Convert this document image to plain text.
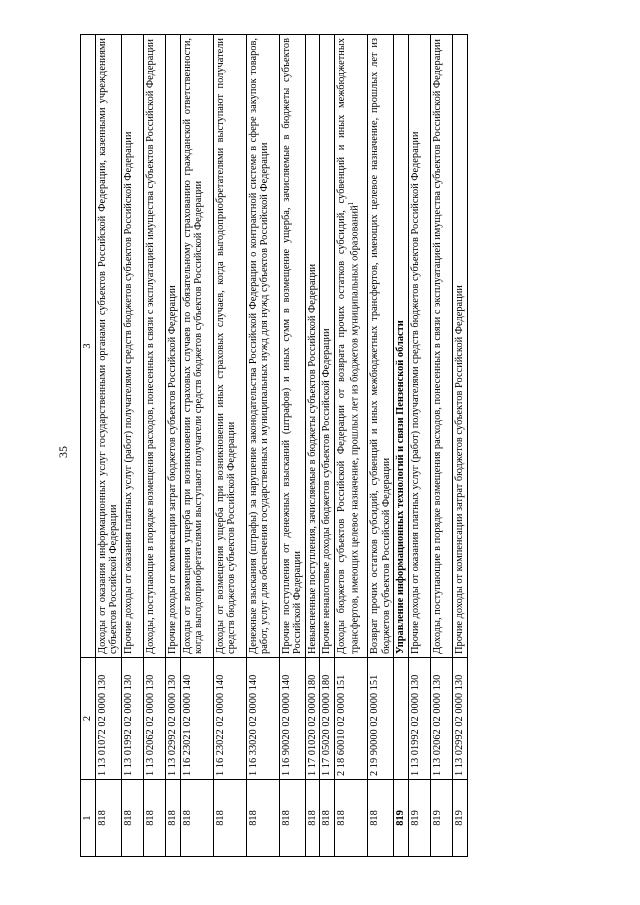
35
1	2	3
818	1 13 01072 02 0000 130	Доходы от оказания информационных услуг государственными органами субъектов Российской Федерации, казенными учреждениями субъектов Российской Федерации
818	1 13 01992 02 0000 130	Прочие доходы от оказания платных услуг (работ) получателями средств бюджетов субъектов Российской Федерации
818	1 13 02062 02 0000 130	Доходы, поступающие в порядке возмещения расходов, понесенных в связи с эксплуатацией имущества субъектов Российской Федерации
818	1 13 02992 02 0000 130	Прочие доходы от компенсации затрат бюджетов субъектов Российской Федерации
818	1 16 23021 02 0000 140	Доходы от возмещения ущерба при возникновении страховых случаев по обязательному страхованию гражданской ответственности, когда выгодоприобретателями выступают получатели средств бюджетов субъектов Российской Федерации
818	1 16 23022 02 0000 140	Доходы от возмещения ущерба при возникновении иных страховых случаев, когда выгодоприобретателями выступают получатели средств бюджетов субъектов Российской Федерации
818	1 16 33020 02 0000 140	Денежные взыскания (штрафы) за нарушение законодательства Российской Федерации о контрактной системе в сфере закупок товаров, работ, услуг для обеспечения государственных и муниципальных нужд для нужд субъектов Российской Федерации
818	1 16 90020 02 0000 140	Прочие поступления от денежных взысканий (штрафов) и иных сумм в возмещение ущерба, зачисляемые в бюджеты субъектов Российской Федерации
818	1 17 01020 02 0000 180	Невыясненные поступления, зачисляемые в бюджеты субъектов Российской Федерации
818	1 17 05020 02 0000 180	Прочие неналоговые доходы бюджетов субъектов Российской Федерации
818	2 18 60010 02 0000 151	Доходы бюджетов субъектов Российской Федерации от возврата прочих остатков субсидий, субвенций и иных межбюджетных трансфертов, имеющих целевое назначение, прошлых лет из бюджетов муниципальных образований$^1$
818	2 19 90000 02 0000 151	Возврат прочих остатков субсидий, субвенций и иных межбюджетных трансфертов, имеющих целевое назначение, прошлых лет из бюджетов субъектов Российской Федерации
819		Управление информационных технологий и связи Пензенской области
819	1 13 01992 02 0000 130	Прочие доходы от оказания платных услуг (работ) получателями средств бюджетов субъектов Российской Федерации
819	1 13 02062 02 0000 130	Доходы, поступающие в порядке возмещения расходов, понесенных в связи с эксплуатацией имущества субъектов Российской Федерации
819	1 13 02992 02 0000 130	Прочие доходы от компенсации затрат бюджетов субъектов Российской Федерации
